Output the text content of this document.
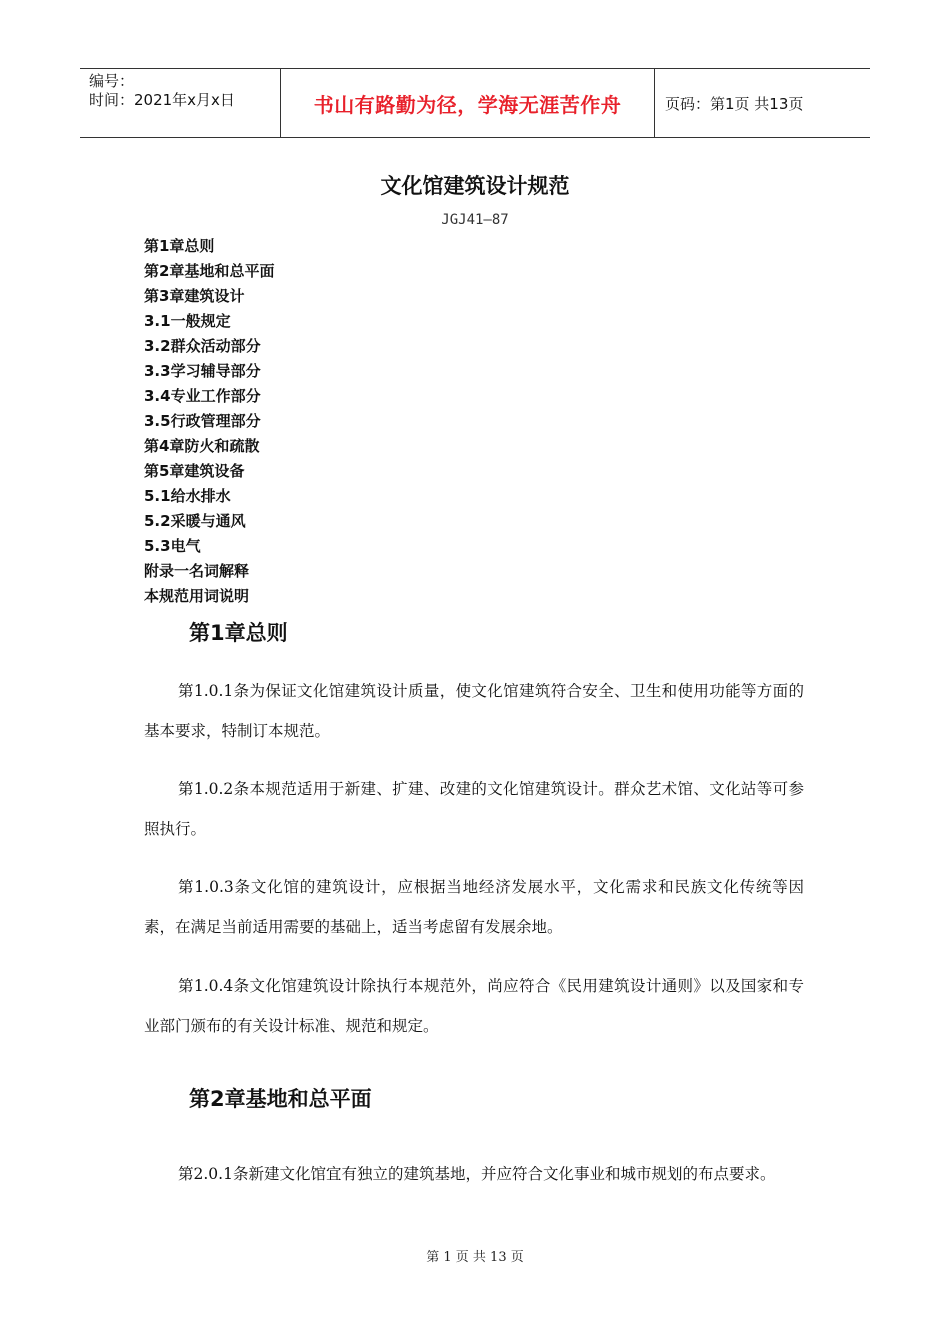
编号：
时间：2021年x月x日	书山有路勤为径，学海无涯苦作舟	页码：第1页 共13页
文化馆建筑设计规范
JGJ41—87
第1章总则
第2章基地和总平面
第3章建筑设计
3.1一般规定
3.2群众活动部分
3.3学习辅导部分
3.4专业工作部分
3.5行政管理部分
第4章防火和疏散
第5章建筑设备
5.1给水排水
5.2采暖与通风
5.3电气
附录一名词解释
本规范用词说明
第1章总则

第1.0.1条为保证文化馆建筑设计质量，使文化馆建筑符合安全、卫生和使用功能等方面的基本要求，特制订本规范。

第1.0.2条本规范适用于新建、扩建、改建的文化馆建筑设计。群众艺术馆、文化站等可参照执行。

第1.0.3条文化馆的建筑设计，应根据当地经济发展水平，文化需求和民族文化传统等因素，在满足当前适用需要的基础上，适当考虑留有发展余地。

第1.0.4条文化馆建筑设计除执行本规范外，尚应符合《民用建筑设计通则》以及国家和专业部门颁布的有关设计标准、规范和规定。

第2章基地和总平面

第2.0.1条新建文化馆宜有独立的建筑基地，并应符合文化事业和城市规划的布点要求。

第 1 页 共 13 页
